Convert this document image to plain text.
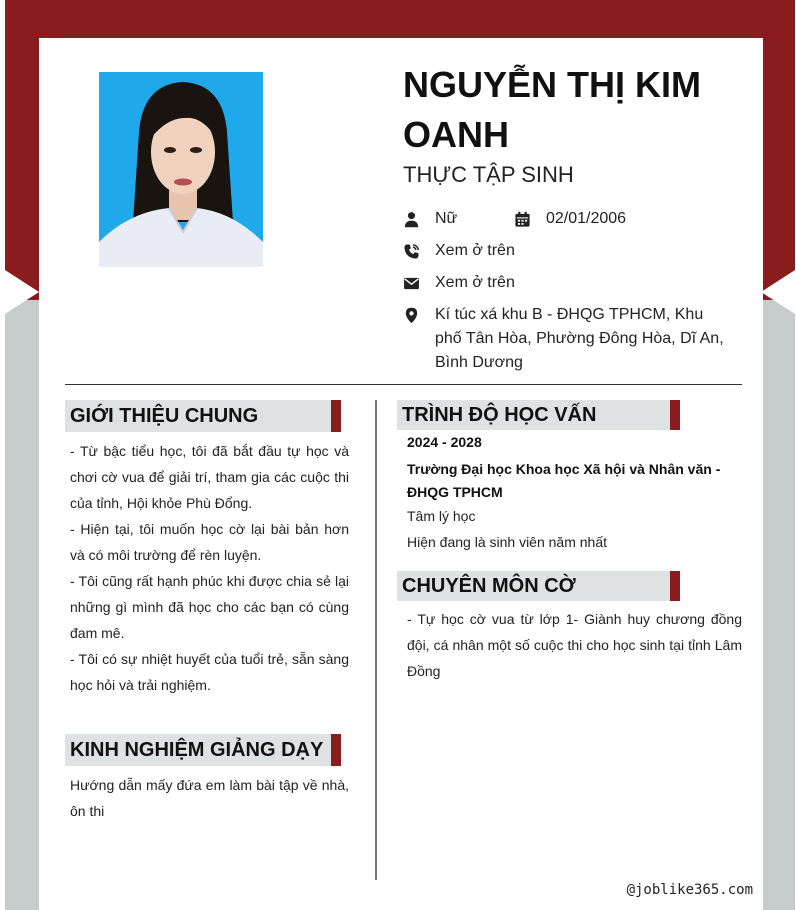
NGUYỄN THỊ KIM OANH
THỰC TẬP SINH
Nữ	02/01/2006
Xem ở trên
Xem ở trên
Kí túc xá khu B - ĐHQG TPHCM, Khu phố Tân Hòa, Phường Đông Hòa, Dĩ An, Bình Dương
GIỚI THIỆU CHUNG

- Từ bậc tiểu học, tôi đã bắt đầu tự học và chơi cờ vua để giải trí, tham gia các cuộc thi của tỉnh, Hội khỏe Phù Đổng.

- Hiện tại, tôi muốn học cờ lại bài bản hơn và có môi trường để rèn luyện.

- Tôi cũng rất hạnh phúc khi được chia sẻ lại những gì mình đã học cho các bạn có cùng đam mê.

- Tôi có sự nhiệt huyết của tuổi trẻ, sẵn sàng học hỏi và trải nghiệm.

KINH NGHIỆM GIẢNG DẠY

Hướng dẫn mấy đứa em làm bài tập về nhà, ôn thi

TRÌNH ĐỘ HỌC VẤN
2024 - 2028
Trường Đại học Khoa học Xã hội và Nhân văn - ĐHQG TPHCM
Tâm lý học
Hiện đang là sinh viên năm nhất
CHUYÊN MÔN CỜ

- Tự học cờ vua từ lớp 1- Giành huy chương đồng đội, cá nhân một số cuộc thi cho học sinh tại tỉnh Lâm Đồng

@joblike365.com
